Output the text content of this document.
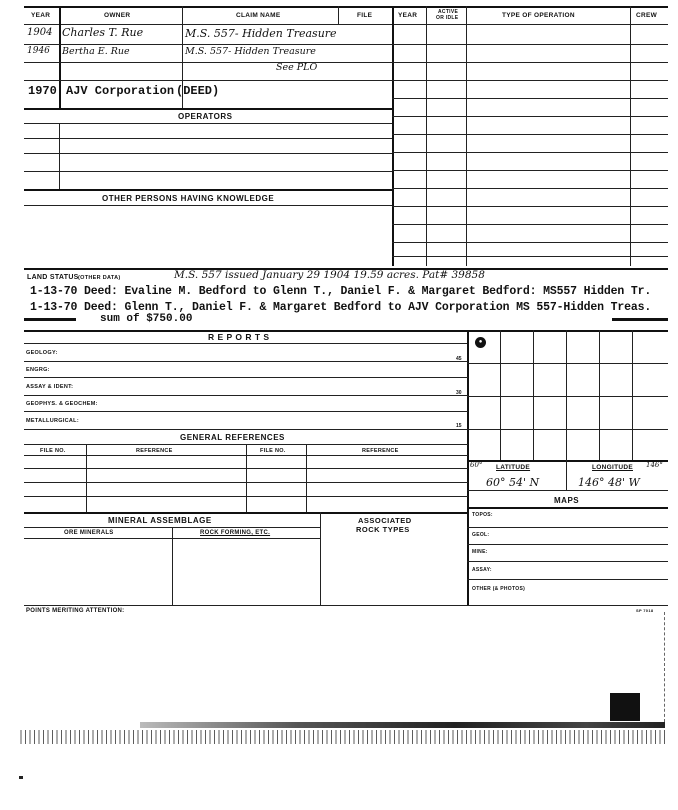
YEAR	OWNER	CLAIM NAME	FILE	YEAR	ACTIVE
OR IDLE	TYPE OF OPERATION	CREW
1904 Charles T. Rue	M.S. 557- Hidden Treasure
1946 Bertha E. Rue	M.S. 557- Hidden Treasure
See PLO
1970 AJV Corporation (DEED)
OPERATORS
OTHER PERSONS HAVING KNOWLEDGE
LAND STATUS (OTHER DATA)	M.S. 557 issued January 29 1904 19.59 acres. Pat# 39858
1-13-70 Deed: Evaline M. Bedford to Glenn T., Daniel F. & Margaret Bedford: MS557 Hidden Tr.
1-13-70 Deed: Glenn T., Daniel F. & Margaret Bedford to AJV Corporation MS 557-Hidden Treas.
sum of $750.00
R E P O R T S
GEOLOGY:
ENGRG:
ASSAY & IDENT:
GEOPHYS. & GEOCHEM:
METALLURGICAL:
45
30
15
GENERAL REFERENCES
FILE NO.	REFERENCE	FILE NO.	REFERENCE
MINERAL ASSEMBLAGE	ASSOCIATED
ROCK TYPES
ORE MINERALS	ROCK FORMING, ETC.
●
60° LATITUDE	LONGITUDE 146°
60° 54' N	146° 48' W
MAPS
TOPOS:
GEOL:
MINE:
ASSAY:
OTHER (& PHOTOS)
POINTS MERITING ATTENTION:	SP 7018
